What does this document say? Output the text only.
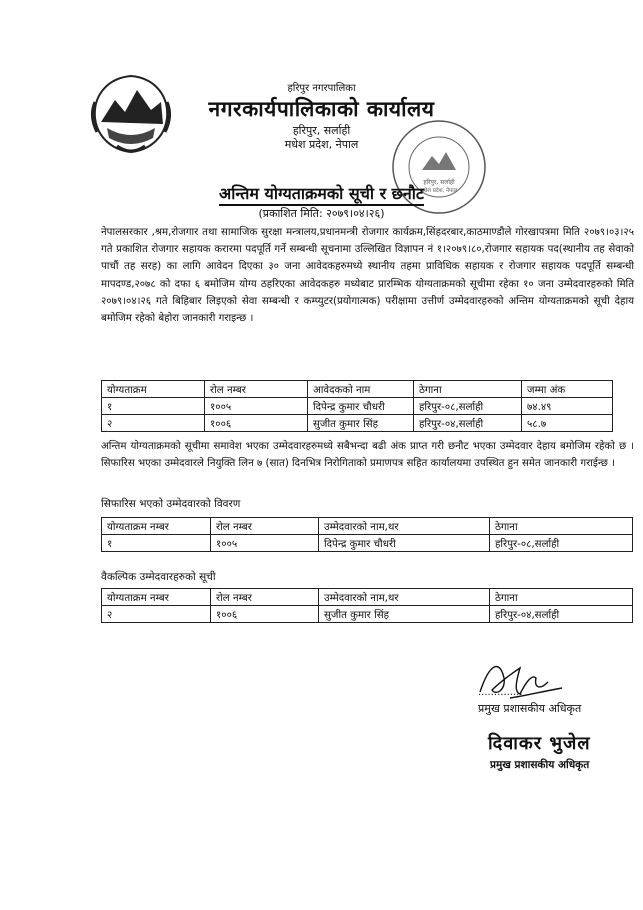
हरिपुर नगरपालिका
नगरकार्यपालिकाको कार्यालय
हरिपुर, सर्लाही
मधेश प्रदेश, नेपाल
हरिपुर, सर्लाही
मधेश प्रदेश, नेपाल
अन्तिम योग्यताक्रमको सूची र छनौट
(प्रकाशित मिति: २०७९।०४।२६)
नेपालसरकार ,श्रम,रोजगार तथा सामाजिक सुरक्षा मन्त्रालय,प्रधानमन्त्री रोजगार कार्यक्रम,सिंहदरबार,काठमाण्डौले गोरखापत्रमा मिति २०७९।०३।२५ गते प्रकाशित रोजगार सहायक करारमा पदपूर्ति गर्ने सम्बन्धी सूचनामा उल्लिखित विज्ञापन नं १।२०७९।८०,रोजगार सहायक पद(स्थानीय तह सेवाको पाचौं तह सरह) का लागि आवेदन दिएका ३० जना आवेदकहरुमध्ये स्थानीय तहमा प्राविधिक सहायक र रोजगार सहायक पदपूर्ति सम्बन्धी मापदण्ड,२०७८ को दफा ६ बमोजिम योग्य ठहरिएका आवेदकहरु मध्येबाट प्रारम्भिक योग्यताक्रमको सूचीमा रहेका १० जना उम्मेदवारहरुको मिति २०७९।०४।२६ गते बिहिबार लिइएको सेवा सम्बन्धी र कम्प्युटर(प्रयोगात्मक) परीक्षामा उत्तीर्ण उम्मेदवारहरुको अन्तिम योग्यताक्रमको सूची देहाय बमोजिम रहेको बेहोरा जानकारी गराइन्छ ।
योग्यताक्रम	रोल नम्बर	आवेदकको नाम	ठेगाना	जम्मा अंक
१	१००५	दिपेन्द्र कुमार चौधरी	हरिपुर-०८,सर्लाही	७४.४९
२	१००६	सुजीत कुमार सिंह	हरिपुर-०४,सर्लाही	५८.७
अन्तिम योग्यताक्रमको सूचीमा समावेश भएका उम्मेदवारहरुमध्ये सबैभन्दा बढी अंक प्राप्त गरी छनौट भएका उम्मेदवार देहाय बमोजिम रहेको छ । सिफारिस भएका उम्मेदवारले नियुक्ति लिन ७ (सात) दिनभित्र निरोगिताको प्रमाणपत्र सहित कार्यालयमा उपस्थित हुन समेत जानकारी गराईन्छ ।
सिफारिस भएको उम्मेदवारको विवरण
योग्यताक्रम नम्बर	रोल नम्बर	उम्मेदवारको नाम,थर	ठेगाना
१	१००५	दिपेन्द्र कुमार चौधरी	हरिपुर-०८,सर्लाही
वैकल्पिक उम्मेदवारहरुको सूची
योग्यताक्रम नम्बर	रोल नम्बर	उम्मेदवारको नाम,थर	ठेगाना
२	१००६	सुजीत कुमार सिंह	हरिपुर-०४,सर्लाही
..............
प्रमुख प्रशासकीय अधिकृत
दिवाकर भुजेल
प्रमुख प्रशासकीय अधिकृत
